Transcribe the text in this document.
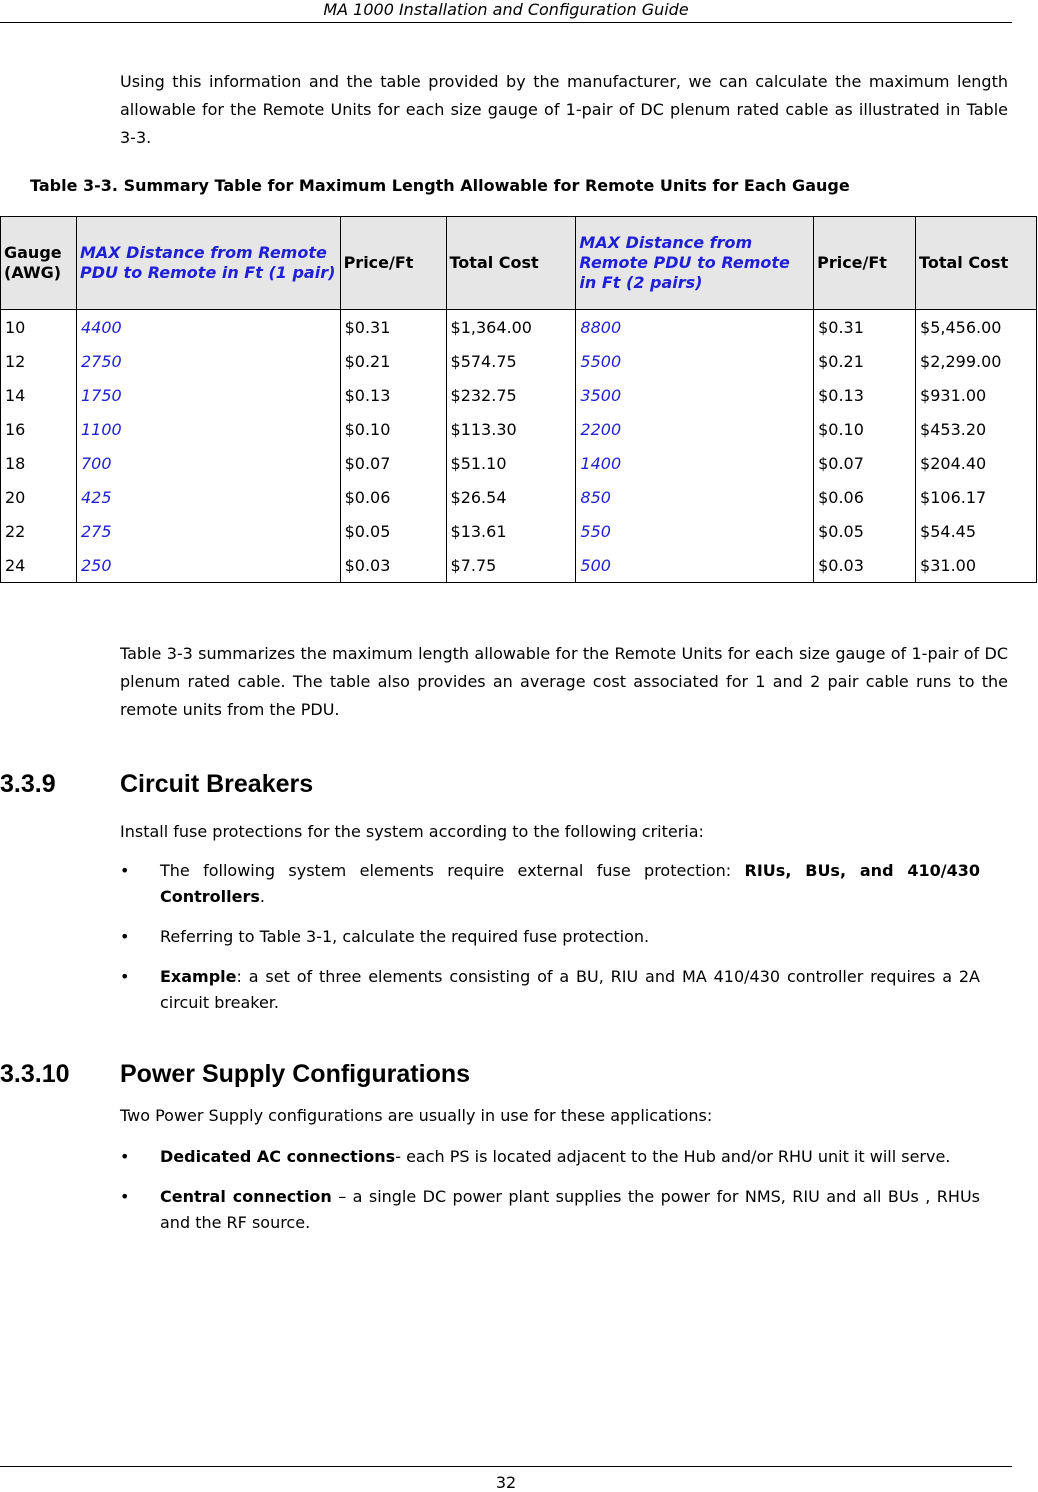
MA 1000 Installation and Configuration Guide
Using this information and the table provided by the manufacturer, we can calculate the maximum length allowable for the Remote Units for each size gauge of 1-pair of DC plenum rated cable as illustrated in Table 3-3.
Table 3-3. Summary Table for Maximum Length Allowable for Remote Units for Each Gauge
Gauge (AWG)	MAX Distance from Remote PDU to Remote in Ft (1 pair)	Price/Ft	Total Cost	MAX Distance from Remote PDU to Remote in Ft (2 pairs)	Price/Ft	Total Cost
10	4400	$0.31	$1,364.00	8800	$0.31	$5,456.00
12	2750	$0.21	$574.75	5500	$0.21	$2,299.00
14	1750	$0.13	$232.75	3500	$0.13	$931.00
16	1100	$0.10	$113.30	2200	$0.10	$453.20
18	700	$0.07	$51.10	1400	$0.07	$204.40
20	425	$0.06	$26.54	850	$0.06	$106.17
22	275	$0.05	$13.61	550	$0.05	$54.45
24	250	$0.03	$7.75	500	$0.03	$31.00
Table 3-3 summarizes the maximum length allowable for the Remote Units for each size gauge of 1-pair of DC plenum rated cable. The table also provides an average cost associated for 1 and 2 pair cable runs to the remote units from the PDU.
3.3.9	Circuit Breakers
Install fuse protections for the system according to the following criteria:
• The following system elements require external fuse protection: RIUs, BUs, and 410/430 Controllers.
• Referring to Table 3-1, calculate the required fuse protection.
• Example: a set of three elements consisting of a BU, RIU and MA 410/430 controller requires a 2A circuit breaker.
3.3.10 Power Supply Configurations
Two Power Supply configurations are usually in use for these applications:
• Dedicated AC connections- each PS is located adjacent to the Hub and/or RHU unit it will serve.
• Central connection – a single DC power plant supplies the power for NMS, RIU and all BUs , RHUs and the RF source.
32
